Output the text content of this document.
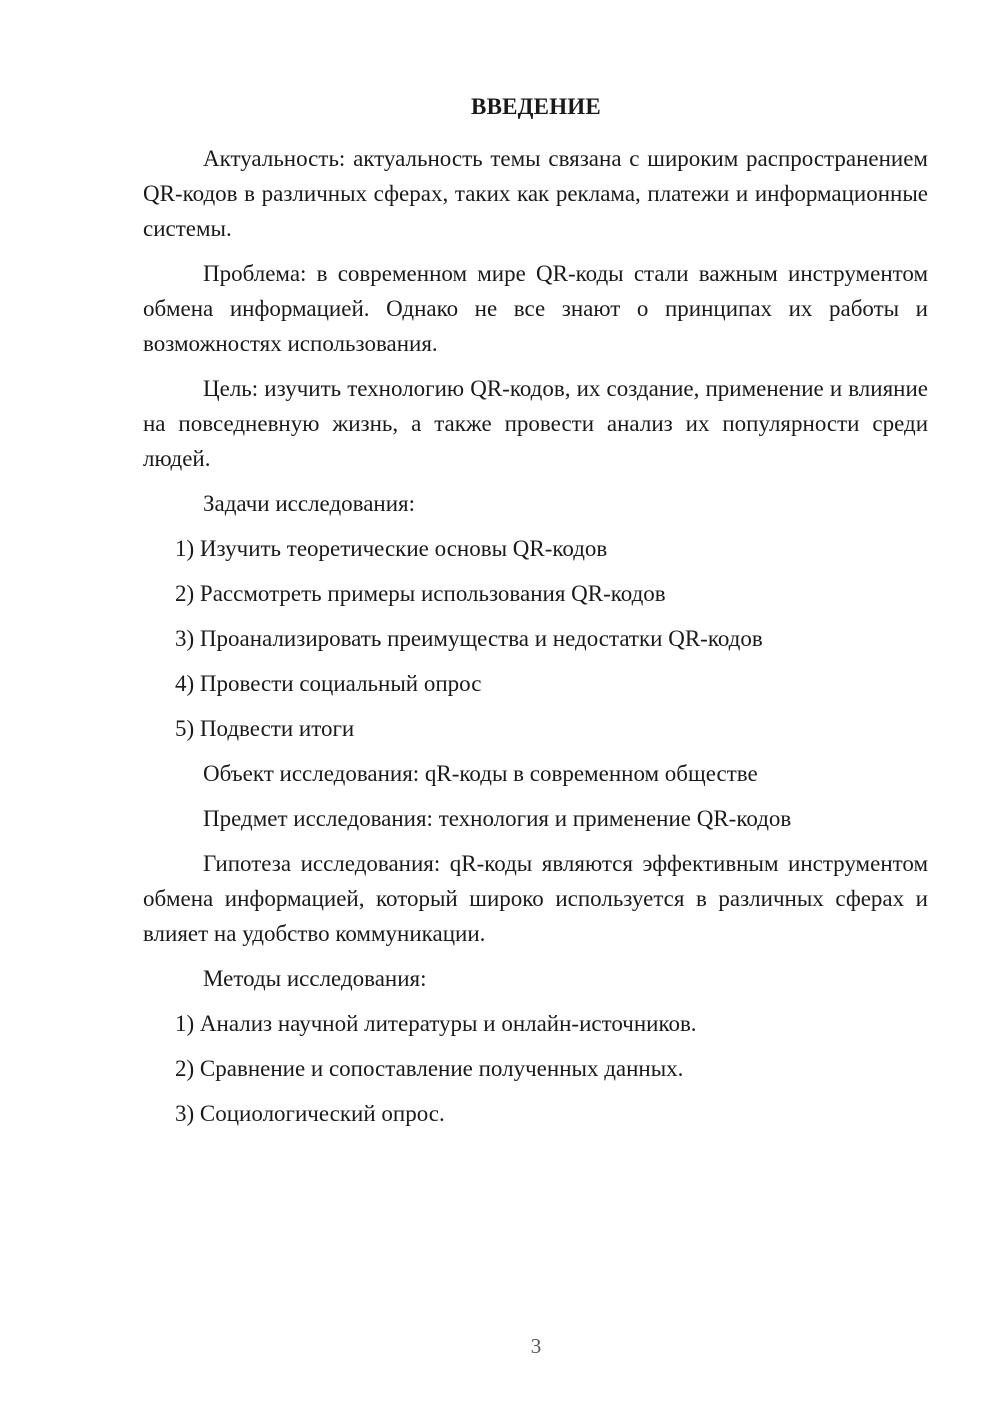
ВВЕДЕНИЕ

Актуальность: актуальность темы связана с широким распространением QR-кодов в различных сферах, таких как реклама, платежи и информационные системы.

Проблема: в современном мире QR-коды стали важным инструментом обмена информацией. Однако не все знают о принципах их работы и возможностях использования.

Цель: изучить технологию QR-кодов, их создание, применение и влияние на повседневную жизнь, а также провести анализ их популярности среди людей.

Задачи исследования:
1) Изучить теоретические основы QR-кодов
2) Рассмотреть примеры использования QR-кодов
3) Проанализировать преимущества и недостатки QR-кодов
4) Провести социальный опрос
5) Подвести итоги
Объект исследования: qR-коды в современном обществе
Предмет исследования: технология и применение QR-кодов

Гипотеза исследования: qR-коды являются эффективным инструментом обмена информацией, который широко используется в различных сферах и влияет на удобство коммуникации.

Методы исследования:
1) Анализ научной литературы и онлайн-источников.
2) Сравнение и сопоставление полученных данных.
3) Социологический опрос.
3
